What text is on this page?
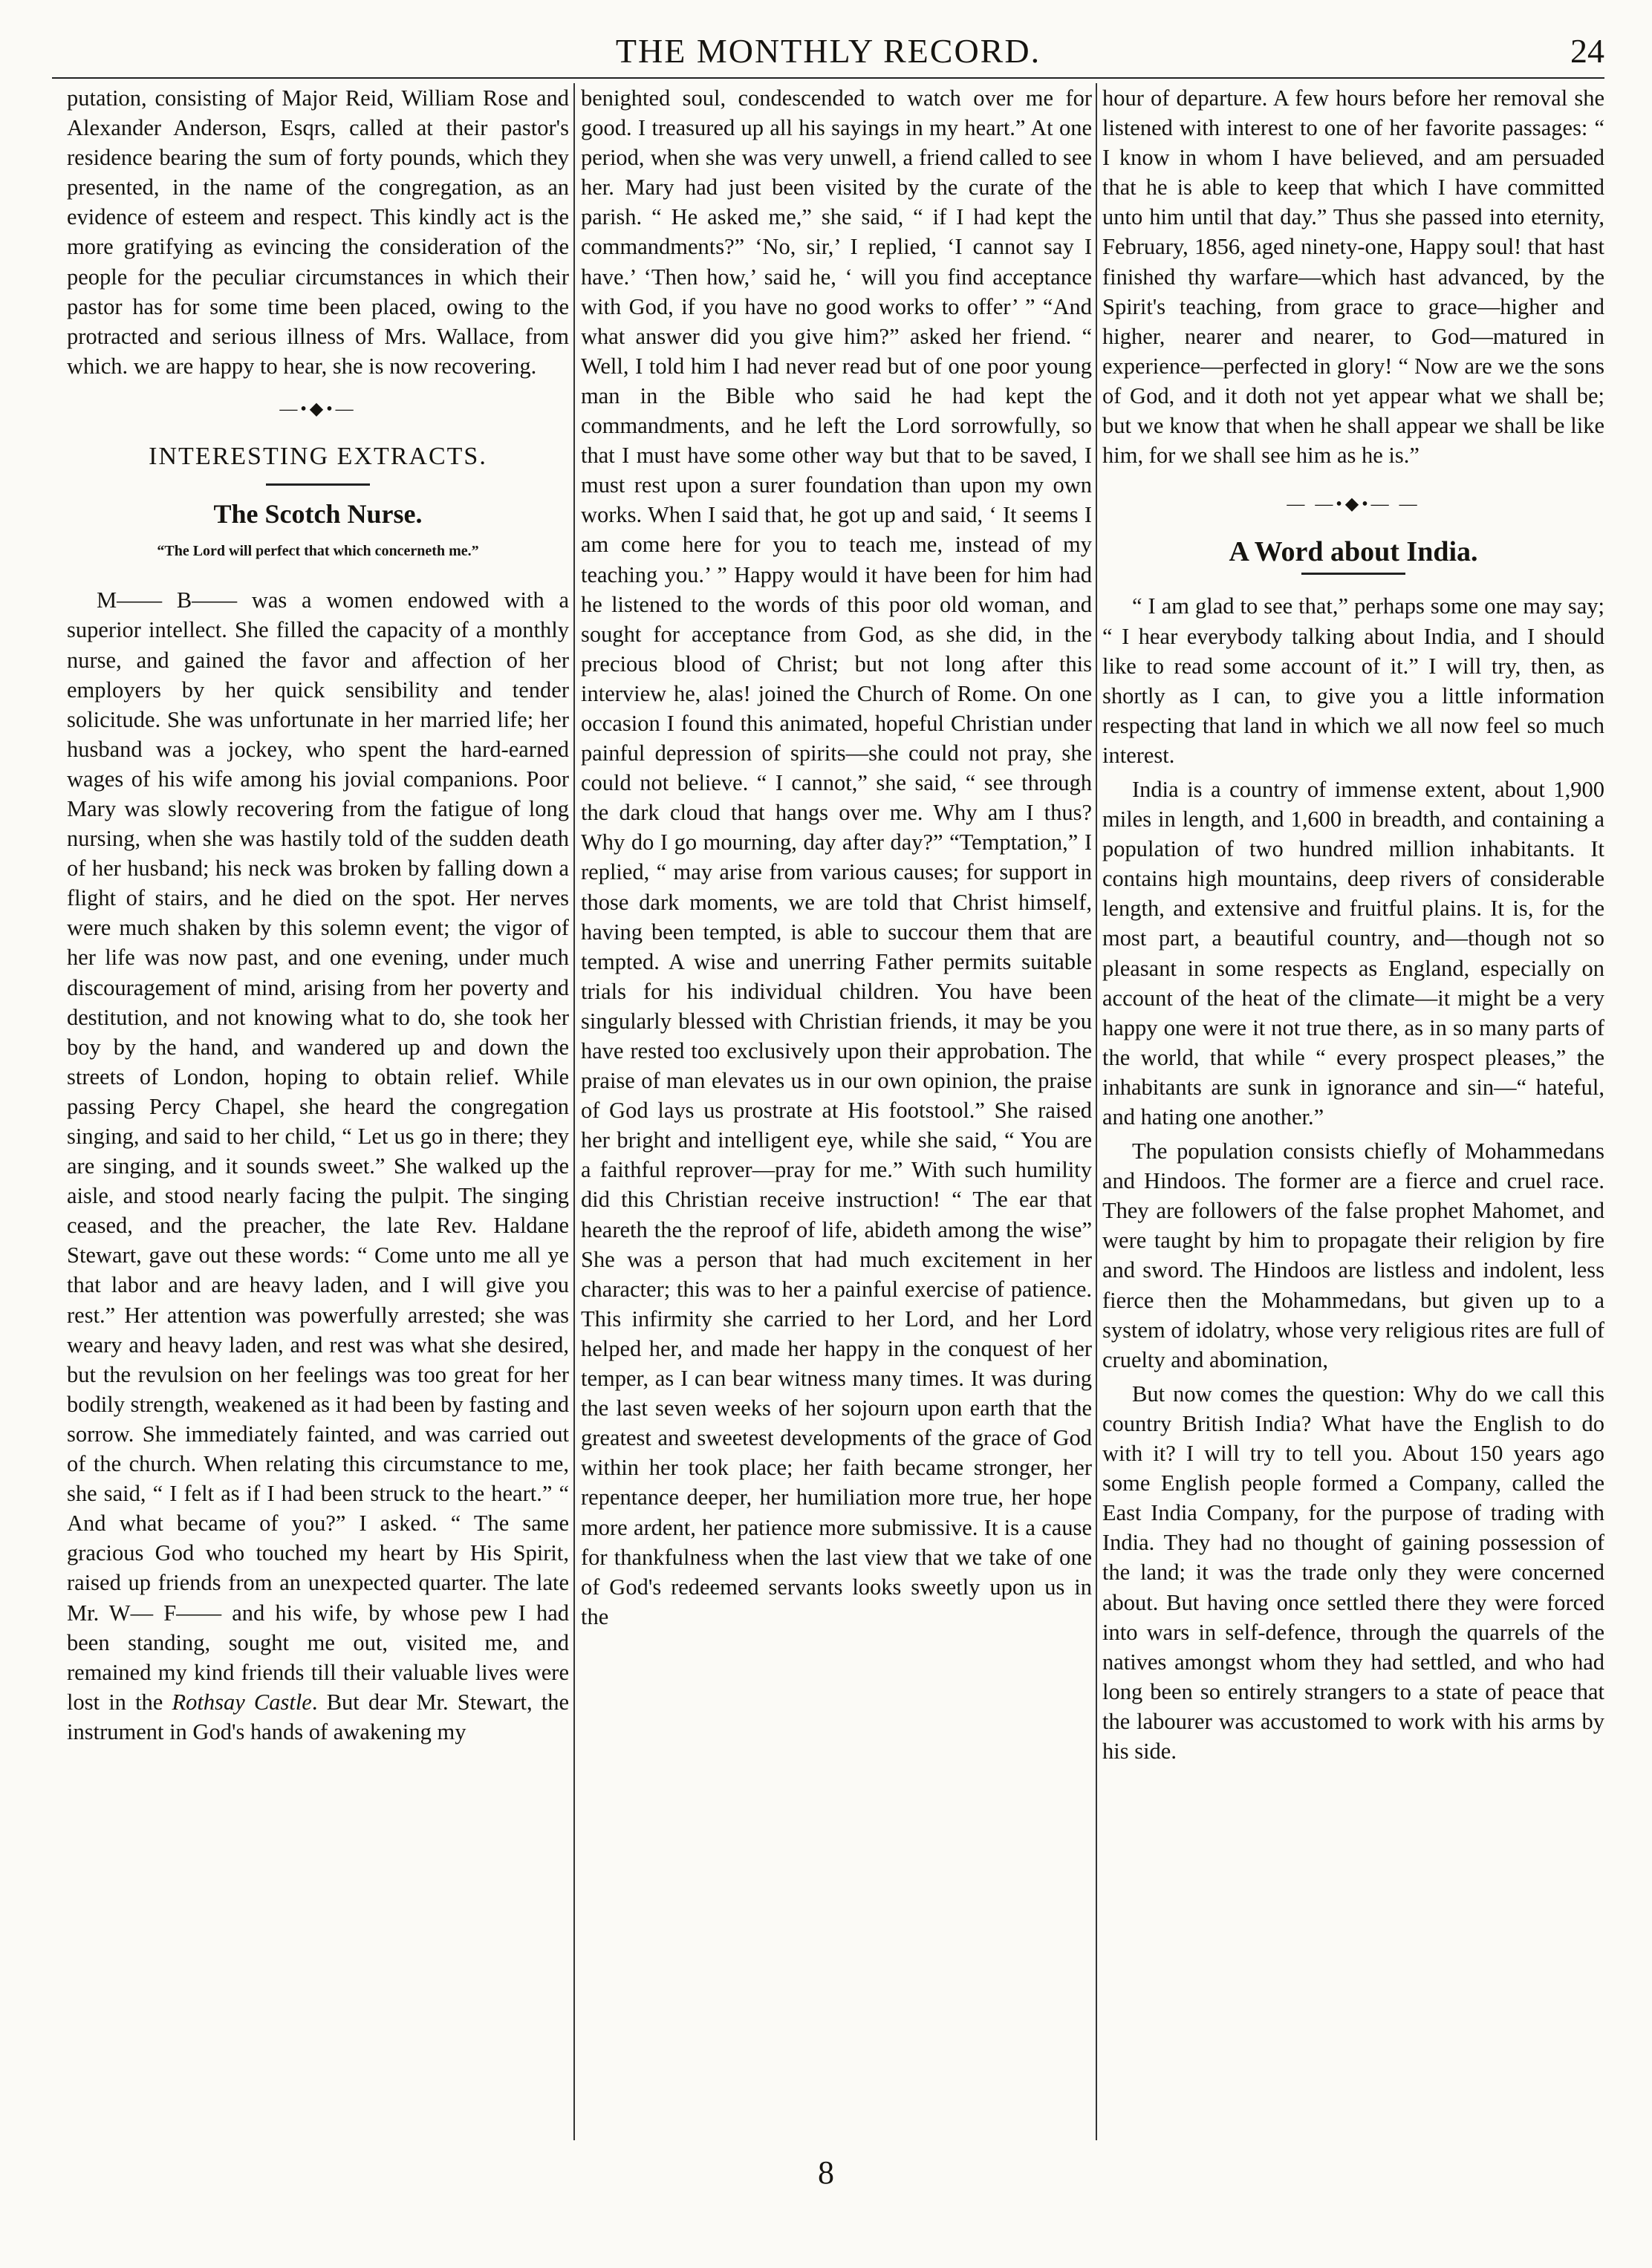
THE MONTHLY RECORD.	24

putation, consisting of Major Reid, William Rose and Alexander Anderson, Esqrs, called at their pastor's residence bearing the sum of forty pounds, which they presented, in the name of the congregation, as an evidence of esteem and respect. This kindly act is the more gratifying as evincing the consideration of the people for the peculiar circumstances in which their pastor has for some time been placed, owing to the protracted and serious illness of Mrs. Wallace, from which. we are happy to hear, she is now recovering.

—•◆•—
INTERESTING EXTRACTS.
The Scotch Nurse.
“The Lord will perfect that which concerneth me.”

M—— B—— was a women endowed with a superior intellect. She filled the capacity of a monthly nurse, and gained the favor and affection of her employers by her quick sensibility and tender solicitude. She was unfortunate in her married life; her husband was a jockey, who spent the hard-earned wages of his wife among his jovial companions. Poor Mary was slowly recovering from the fatigue of long nursing, when she was hastily told of the sudden death of her husband; his neck was broken by falling down a flight of stairs, and he died on the spot. Her nerves were much shaken by this solemn event; the vigor of her life was now past, and one evening, under much discouragement of mind, arising from her poverty and destitution, and not knowing what to do, she took her boy by the hand, and wandered up and down the streets of London, hoping to obtain relief. While passing Percy Chapel, she heard the congregation singing, and said to her child, “ Let us go in there; they are singing, and it sounds sweet.” She walked up the aisle, and stood nearly facing the pulpit. The singing ceased, and the preacher, the late Rev. Haldane Stewart, gave out these words: “ Come unto me all ye that labor and are heavy laden, and I will give you rest.” Her attention was powerfully arrested; she was weary and heavy laden, and rest was what she desired, but the revulsion on her feelings was too great for her bodily strength, weakened as it had been by fasting and sorrow. She immediately fainted, and was carried out of the church. When relating this circumstance to me, she said, “ I felt as if I had been struck to the heart.” “ And what became of you?” I asked. “ The same gracious God who touched my heart by His Spirit, raised up friends from an unexpected quarter. The late Mr. W— F—— and his wife, by whose pew I had been standing, sought me out, visited me, and remained my kind friends till their valuable lives were lost in the Rothsay Castle. But dear Mr. Stewart, the instrument in God's hands of awakening my

benighted soul, condescended to watch over me for good. I treasured up all his sayings in my heart.” At one period, when she was very unwell, a friend called to see her. Mary had just been visited by the curate of the parish. “ He asked me,” she said, “ if I had kept the commandments?” ‘No, sir,’ I replied, ‘I cannot say I have.’ ‘Then how,’ said he, ‘ will you find acceptance with God, if you have no good works to offer’ ” “And what answer did you give him?” asked her friend. “ Well, I told him I had never read but of one poor young man in the Bible who said he had kept the commandments, and he left the Lord sorrowfully, so that I must have some other way but that to be saved, I must rest upon a surer foundation than upon my own works. When I said that, he got up and said, ‘ It seems I am come here for you to teach me, instead of my teaching you.’ ” Happy would it have been for him had he listened to the words of this poor old woman, and sought for acceptance from God, as she did, in the precious blood of Christ; but not long after this interview he, alas! joined the Church of Rome. On one occasion I found this animated, hopeful Christian under painful depression of spirits—she could not pray, she could not believe. “ I cannot,” she said, “ see through the dark cloud that hangs over me. Why am I thus? Why do I go mourning, day after day?” “Temptation,” I replied, “ may arise from various causes; for support in those dark moments, we are told that Christ himself, having been tempted, is able to succour them that are tempted. A wise and unerring Father permits suitable trials for his individual children. You have been singularly blessed with Christian friends, it may be you have rested too exclusively upon their approbation. The praise of man elevates us in our own opinion, the praise of God lays us prostrate at His footstool.” She raised her bright and intelligent eye, while she said, “ You are a faithful reprover—pray for me.” With such humility did this Christian receive instruction! “ The ear that heareth the the reproof of life, abideth among the wise” She was a person that had much excitement in her character; this was to her a painful exercise of patience. This infirmity she carried to her Lord, and her Lord helped her, and made her happy in the conquest of her temper, as I can bear witness many times. It was during the last seven weeks of her sojourn upon earth that the greatest and sweetest developments of the grace of God within her took place; her faith became stronger, her repentance deeper, her humiliation more true, her hope more ardent, her patience more submissive. It is a cause for thankfulness when the last view that we take of one of God's redeemed servants looks sweetly upon us in the

hour of departure. A few hours before her removal she listened with interest to one of her favorite passages: “ I know in whom I have believed, and am persuaded that he is able to keep that which I have committed unto him until that day.” Thus she passed into eternity, February, 1856, aged ninety-one, Happy soul! that hast finished thy warfare—which hast advanced, by the Spirit's teaching, from grace to grace—higher and higher, nearer and nearer, to God—matured in experience—perfected in glory! “ Now are we the sons of God, and it doth not yet appear what we shall be; but we know that when he shall appear we shall be like him, for we shall see him as he is.”

— —•◆•— —
A Word about India.

“ I am glad to see that,” perhaps some one may say; “ I hear everybody talking about India, and I should like to read some account of it.” I will try, then, as shortly as I can, to give you a little information respecting that land in which we all now feel so much interest.

India is a country of immense extent, about 1,900 miles in length, and 1,600 in breadth, and containing a population of two hundred million inhabitants. It contains high mountains, deep rivers of considerable length, and extensive and fruitful plains. It is, for the most part, a beautiful country, and—though not so pleasant in some respects as England, especially on account of the heat of the climate—it might be a very happy one were it not true there, as in so many parts of the world, that while “ every prospect pleases,” the inhabitants are sunk in ignorance and sin—“ hateful, and hating one another.”

The population consists chiefly of Mohammedans and Hindoos. The former are a fierce and cruel race. They are followers of the false prophet Mahomet, and were taught by him to propagate their religion by fire and sword. The Hindoos are listless and indolent, less fierce then the Mohammedans, but given up to a system of idolatry, whose very religious rites are full of cruelty and abomination,

But now comes the question: Why do we call this country British India? What have the English to do with it? I will try to tell you. About 150 years ago some English people formed a Company, called the East India Company, for the purpose of trading with India. They had no thought of gaining possession of the land; it was the trade only they were concerned about. But having once settled there they were forced into wars in self-defence, through the quarrels of the natives amongst whom they had settled, and who had long been so entirely strangers to a state of peace that the labourer was accustomed to work with his arms by his side.

8
